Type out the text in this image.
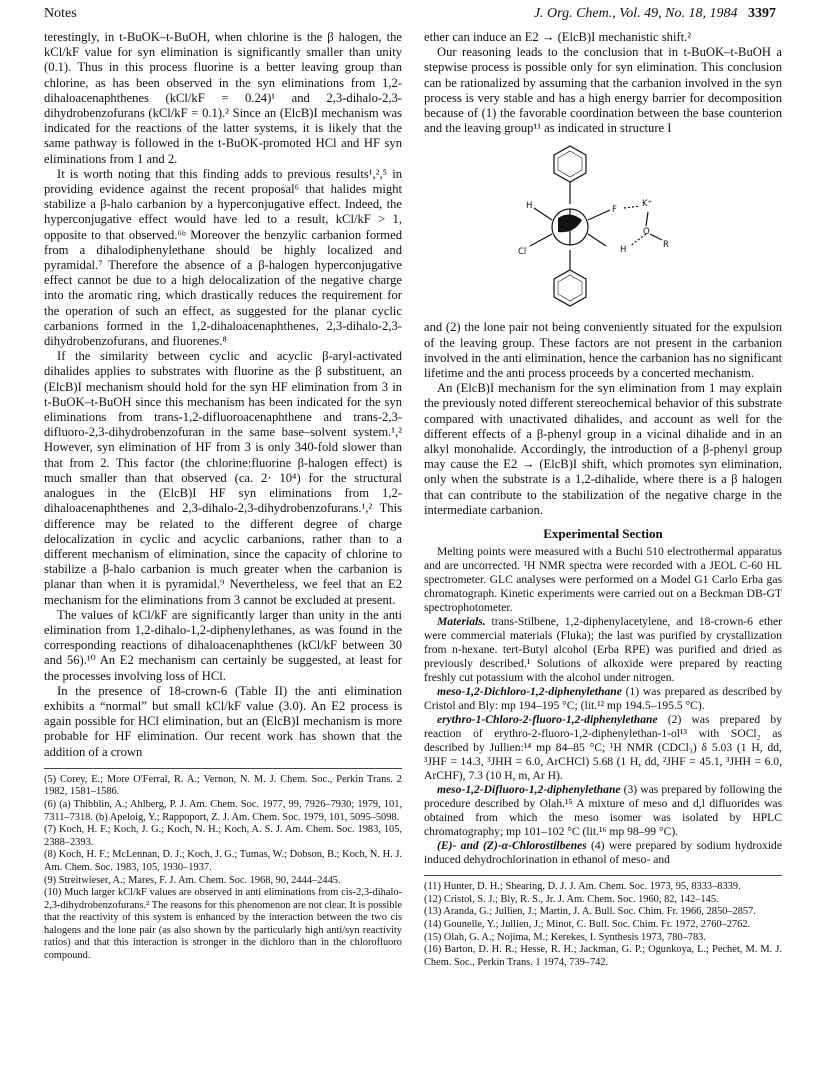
Notes	J. Org. Chem., Vol. 49, No. 18, 1984 3397

terestingly, in t-BuOK–t-BuOH, when chlorine is the β halogen, the kCl/kF value for syn elimination is significantly smaller than unity (0.1). Thus in this process fluorine is a better leaving group than chlorine, as has been observed in the syn eliminations from 1,2-dihaloacenaphthenes (kCl/kF = 0.24)¹ and 2,3-dihalo-2,3-dihydrobenzofurans (kCl/kF = 0.1).² Since an (ElcB)I mechanism was indicated for the reactions of the latter systems, it is likely that the same pathway is followed in the t-BuOK-promoted HCl and HF syn eliminations from 1 and 2.

It is worth noting that this finding adds to previous results¹,²,⁵ in providing evidence against the recent proposal⁶ that halides might stabilize a β-halo carbanion by a hyperconjugative effect. Indeed, the hyperconjugative effect would have led to a result, kCl/kF > 1, opposite to that observed.⁶ᵇ Moreover the benzylic carbanion formed from a dihalodiphenylethane should be highly localized and pyramidal.⁷ Therefore the absence of a β-halogen hyperconjugative effect cannot be due to a high delocalization of the negative charge into the aromatic ring, which drastically reduces the requirement for the operation of such an effect, as suggested for the planar cyclic carbanions formed in the 1,2-dihaloacenaphthenes, 2,3-dihalo-2,3-dihydrobenzofurans, and fluorenes.⁸

If the similarity between cyclic and acyclic β-aryl-activated dihalides applies to substrates with fluorine as the β substituent, an (ElcB)I mechanism should hold for the syn HF elimination from 3 in t-BuOK–t-BuOH since this mechanism has been indicated for the syn eliminations from trans-1,2-difluoroacenaphthene and trans-2,3-difluoro-2,3-dihydrobenzofuran in the same base–solvent system.¹,² However, syn elimination of HF from 3 is only 340-fold slower than that from 2. This factor (the chlorine:fluorine β-halogen effect) is much smaller than that observed (ca. 2· 10⁴) for the structural analogues in the (ElcB)I HF syn eliminations from 1,2-dihaloacenaphthenes and 2,3-dihalo-2,3-dihydrobenzofurans.¹,² This difference may be related to the different degree of charge delocalization in cyclic and acyclic carbanions, rather than to a different mechanism of elimination, since the capacity of chlorine to stabilize a β-halo carbanion is much greater when the carbanion is planar than when it is pyramidal.⁹ Nevertheless, we feel that an E2 mechanism for the eliminations from 3 cannot be excluded at present.

The values of kCl/kF are significantly larger than unity in the anti elimination from 1,2-dihalo-1,2-diphenylethanes, as was found in the corresponding reactions of dihaloacenaphthenes (kCl/kF between 30 and 56).¹⁰ An E2 mechanism can certainly be suggested, at least for the processes involving loss of HCl.

In the presence of 18-crown-6 (Table II) the anti elimination exhibits a “normal” but small kCl/kF value (3.0). An E2 process is again possible for HCl elimination, but an (ElcB)I mechanism is more probable for HF elimination. Our recent work has shown that the addition of a crown

(5) Corey, E.; More O'Ferral, R. A.; Vernon, N. M. J. Chem. Soc., Perkin Trans. 2 1982, 1581–1586.
(6) (a) Thibblin, A.; Ahlberg, P. J. Am. Chem. Soc. 1977, 99, 7926–7930; 1979, 101, 7311–7318. (b) Apeloig, Y.; Rappoport, Z. J. Am. Chem. Soc. 1979, 101, 5095–5098.
(7) Koch, H. F.; Koch, J. G.; Koch, N. H.; Koch, A. S. J. Am. Chem. Soc. 1983, 105, 2388–2393.
(8) Koch, H. F.; McLennan, D. J.; Koch, J. G.; Tumas, W.; Dobson, B.; Koch, N. H. J. Am. Chem. Soc. 1983, 105, 1930–1937.
(9) Streitwieser, A.; Mares, F. J. Am. Chem. Soc. 1968, 90, 2444–2445.
(10) Much larger kCl/kF values are observed in anti eliminations from cis-2,3-dihalo-2,3-dihydrobenzofurans.² The reasons for this phenomenon are not clear. It is possible that the reactivity of this system is enhanced by the interaction between the two cis halogens and the lone pair (as also shown by the particularly high anti/syn reactivity ratios) and that this interaction is stronger in the dichloro than in the chlorofluoro compound.

ether can induce an E2 → (ElcB)I mechanistic shift.²

Our reasoning leads to the conclusion that in t-BuOK–t-BuOH a stepwise process is possible only for syn elimination. This conclusion can be rationalized by assuming that the carbanion involved in the syn process is very stable and has a high energy barrier for decomposition because of (1) the favorable coordination between the base counterion and the leaving group¹¹ as indicated in structure I

H
Cl
F
K⁺
O
R
H

and (2) the lone pair not being conveniently situated for the expulsion of the leaving group. These factors are not present in the carbanion involved in the anti elimination, hence the carbanion has no significant lifetime and the anti process proceeds by a concerted mechanism.

An (ElcB)I mechanism for the syn elimination from 1 may explain the previously noted different stereochemical behavior of this substrate compared with unactivated dihalides, and account as well for the different effects of a β-phenyl group in a vicinal dihalide and in an alkyl monohalide. Accordingly, the introduction of a β-phenyl group may cause the E2 → (ElcB)I shift, which promotes syn elimination, only when the substrate is a 1,2-dihalide, where there is a β halogen that can contribute to the stabilization of the negative charge in the intermediate carbanion.

Experimental Section

Melting points were measured with a Buchi 510 electrothermal apparatus and are uncorrected. ¹H NMR spectra were recorded with a JEOL C-60 HL spectrometer. GLC analyses were performed on a Model G1 Carlo Erba gas chromatograph. Kinetic experiments were carried out on a Beckman DB-GT spectrophotometer.

Materials. trans-Stilbene, 1,2-diphenylacetylene, and 18-crown-6 ether were commercial materials (Fluka); the last was purified by crystallization from n-hexane. tert-Butyl alcohol (Erba RPE) was purified and dried as previously described.¹ Solutions of alkoxide were prepared by reacting freshly cut potassium with the alcohol under nitrogen.

meso-1,2-Dichloro-1,2-diphenylethane (1) was prepared as described by Cristol and Bly: mp 194–195 °C; (lit.¹² mp 194.5–195.5 °C).

erythro-1-Chloro-2-fluoro-1,2-diphenylethane (2) was prepared by reaction of erythro-2-fluoro-1,2-diphenylethan-1-ol¹³ with SOCl₂ as described by Jullien:¹⁴ mp 84–85 °C; ¹H NMR (CDCl₃) δ 5.03 (1 H, dd, ³JHF = 14.3, ³JHH = 6.0, ArCHCl) 5.68 (1 H, dd, ²JHF = 45.1, ³JHH = 6.0, ArCHF), 7.3 (10 H, m, Ar H).

meso-1,2-Difluoro-1,2-diphenylethane (3) was prepared by following the procedure described by Olah.¹⁵ A mixture of meso and d,l difluorides was obtained from which the meso isomer was isolated by HPLC chromatography; mp 101–102 °C (lit.¹⁶ mp 98–99 °C).

(E)- and (Z)-α-Chlorostilbenes (4) were prepared by sodium hydroxide induced dehydrochlorination in ethanol of meso- and

(11) Hunter, D. H.; Shearing, D. J. J. Am. Chem. Soc. 1973, 95, 8333–8339.
(12) Cristol, S. J.; Bly, R. S., Jr. J. Am. Chem. Soc. 1960, 82, 142–145.
(13) Aranda, G.; Jullien, J.; Martin, J. A. Bull. Soc. Chim. Fr. 1966, 2850–2857.
(14) Gounelle, Y.; Jullien, J.; Minot, C. Bull. Soc. Chim. Fr. 1972, 2760–2762.
(15) Olah, G. A.; Nojima, M.; Kerekes, I. Synthesis 1973, 780–783.
(16) Barton, D. H. R.; Hesse, R. H.; Jackman, G. P.; Ogunkoya, L.; Pechet, M. M. J. Chem. Soc., Perkin Trans. 1 1974, 739–742.
